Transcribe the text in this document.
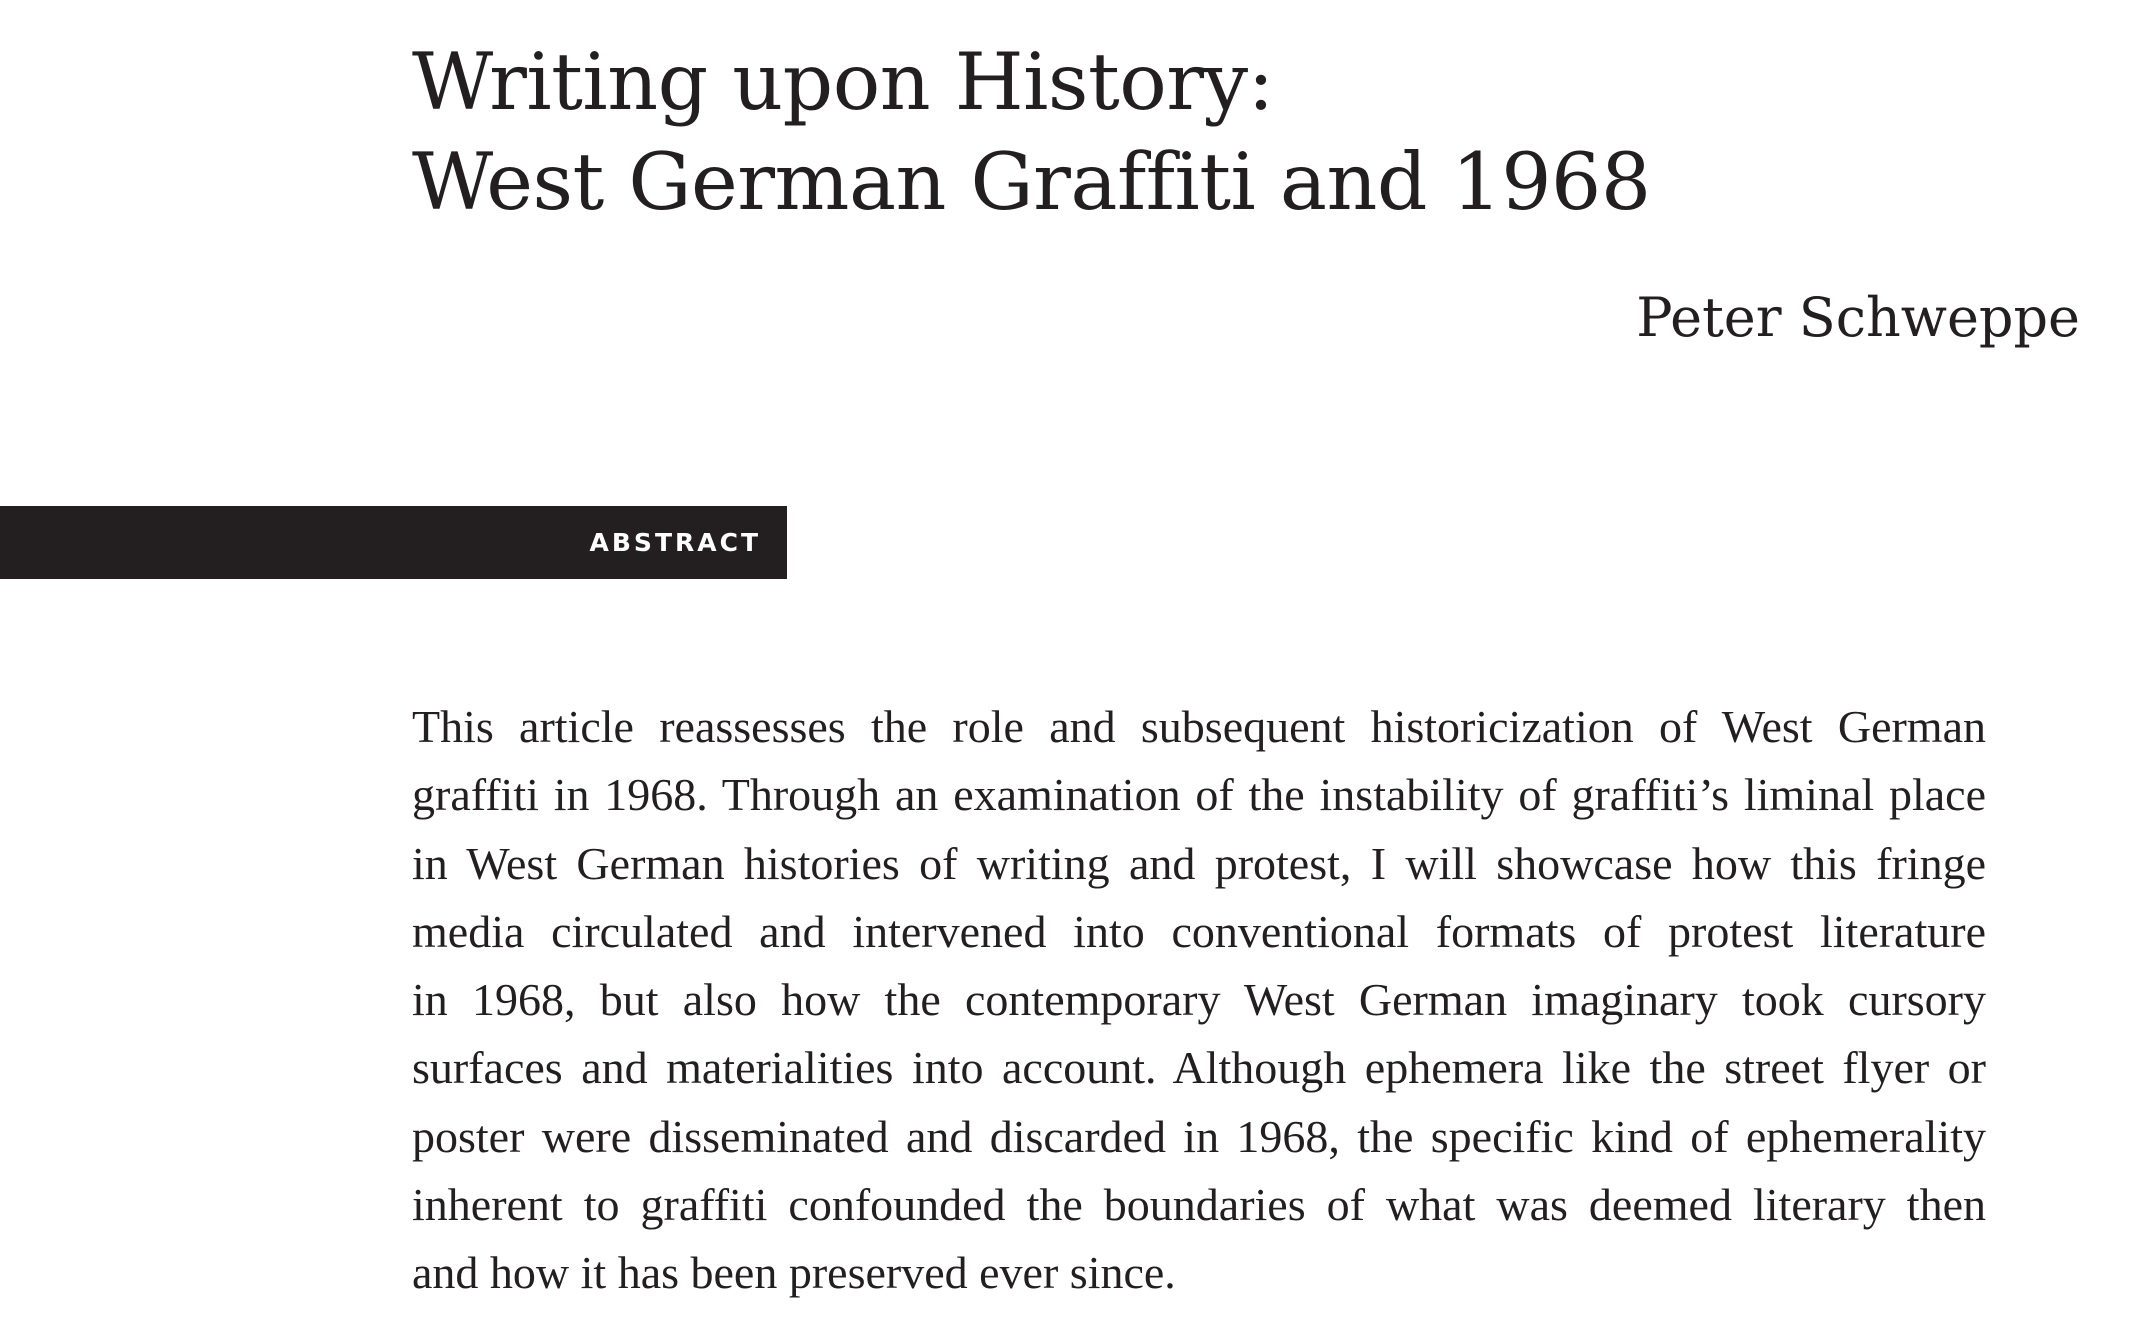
Writing upon History:
West German Graffiti and 1968
Peter Schweppe
ABSTRACT
This article reassesses the role and subsequent historicization of West German
graffiti in 1968. Through an examination of the instability of graffiti’s liminal place
in West German histories of writing and protest, I will showcase how this fringe
media circulated and intervened into conventional formats of protest literature
in 1968, but also how the contemporary West German imaginary took cursory
surfaces and materialities into account. Although ephemera like the street flyer or
poster were disseminated and discarded in 1968, the specific kind of ephemerality
inherent to graffiti confounded the boundaries of what was deemed literary then
and how it has been preserved ever since.
